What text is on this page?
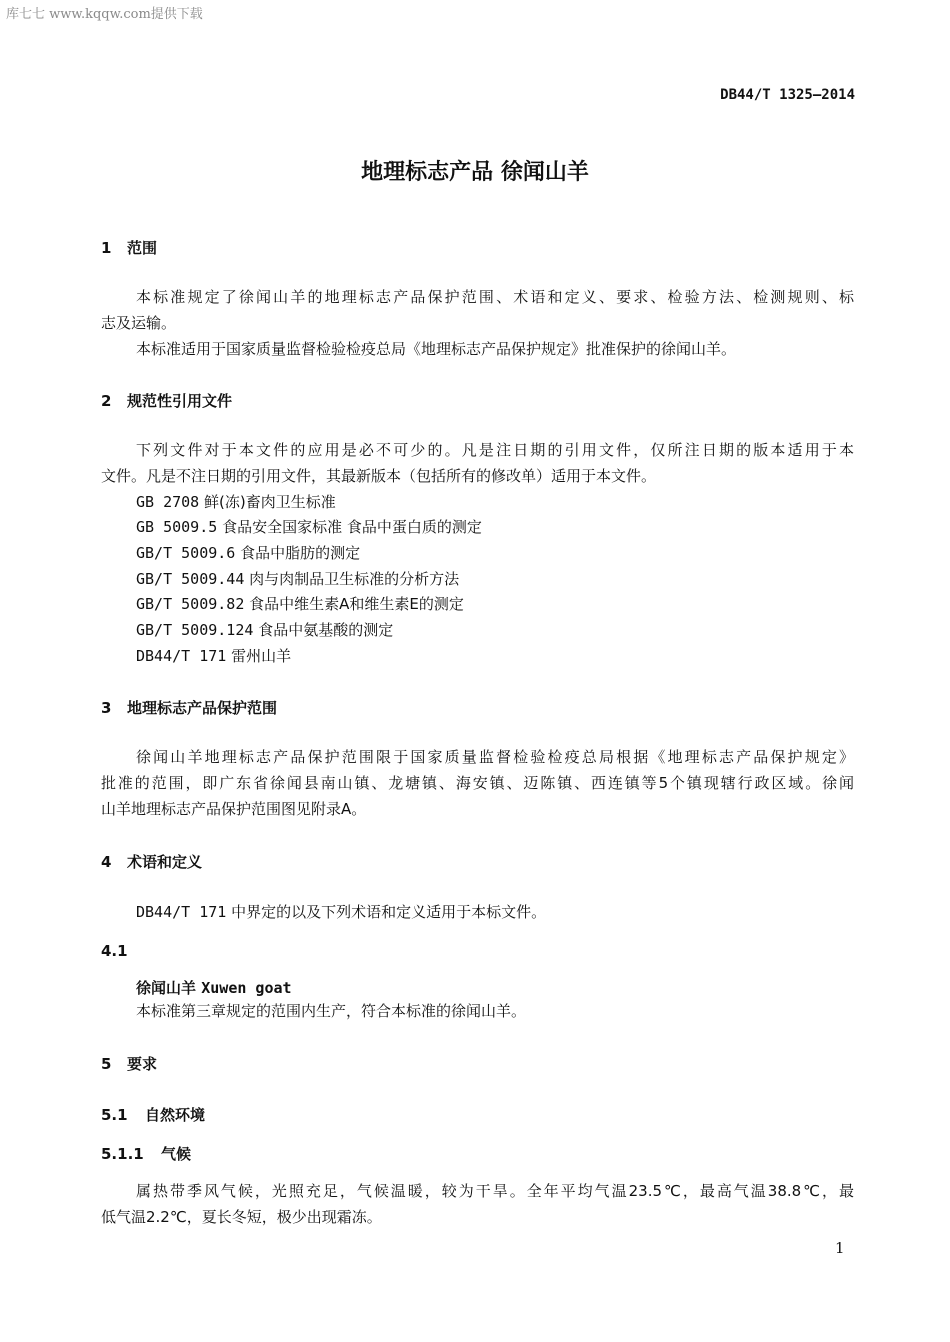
库七七 www.kqqw.com提供下载
DB44/T 1325—2014
地理标志产品 徐闻山羊
1 范围
本标准规定了徐闻山羊的地理标志产品保护范围、术语和定义、要求、检验方法、检测规则、标
志及运输。
本标准适用于国家质量监督检验检疫总局《地理标志产品保护规定》批准保护的徐闻山羊。
2 规范性引用文件
下列文件对于本文件的应用是必不可少的。凡是注日期的引用文件，仅所注日期的版本适用于本
文件。凡是不注日期的引用文件，其最新版本（包括所有的修改单）适用于本文件。
GB 2708 鲜(冻)畜肉卫生标准
GB 5009.5 食品安全国家标准 食品中蛋白质的测定
GB/T 5009.6 食品中脂肪的测定
GB/T 5009.44 肉与肉制品卫生标准的分析方法
GB/T 5009.82 食品中维生素A和维生素E的测定
GB/T 5009.124 食品中氨基酸的测定
DB44/T 171 雷州山羊
3 地理标志产品保护范围
徐闻山羊地理标志产品保护范围限于国家质量监督检验检疫总局根据《地理标志产品保护规定》
批准的范围，即广东省徐闻县南山镇、龙塘镇、海安镇、迈陈镇、西连镇等5个镇现辖行政区域。徐闻
山羊地理标志产品保护范围图见附录A。
4 术语和定义
DB44/T 171 中界定的以及下列术语和定义适用于本标文件。
4.1
徐闻山羊 Xuwen goat
本标准第三章规定的范围内生产，符合本标准的徐闻山羊。
5 要求
5.1 自然环境
5.1.1 气候
属热带季风气候，光照充足，气候温暖，较为干旱。全年平均气温23.5℃，最高气温38.8℃，最
低气温2.2℃，夏长冬短，极少出现霜冻。
1
